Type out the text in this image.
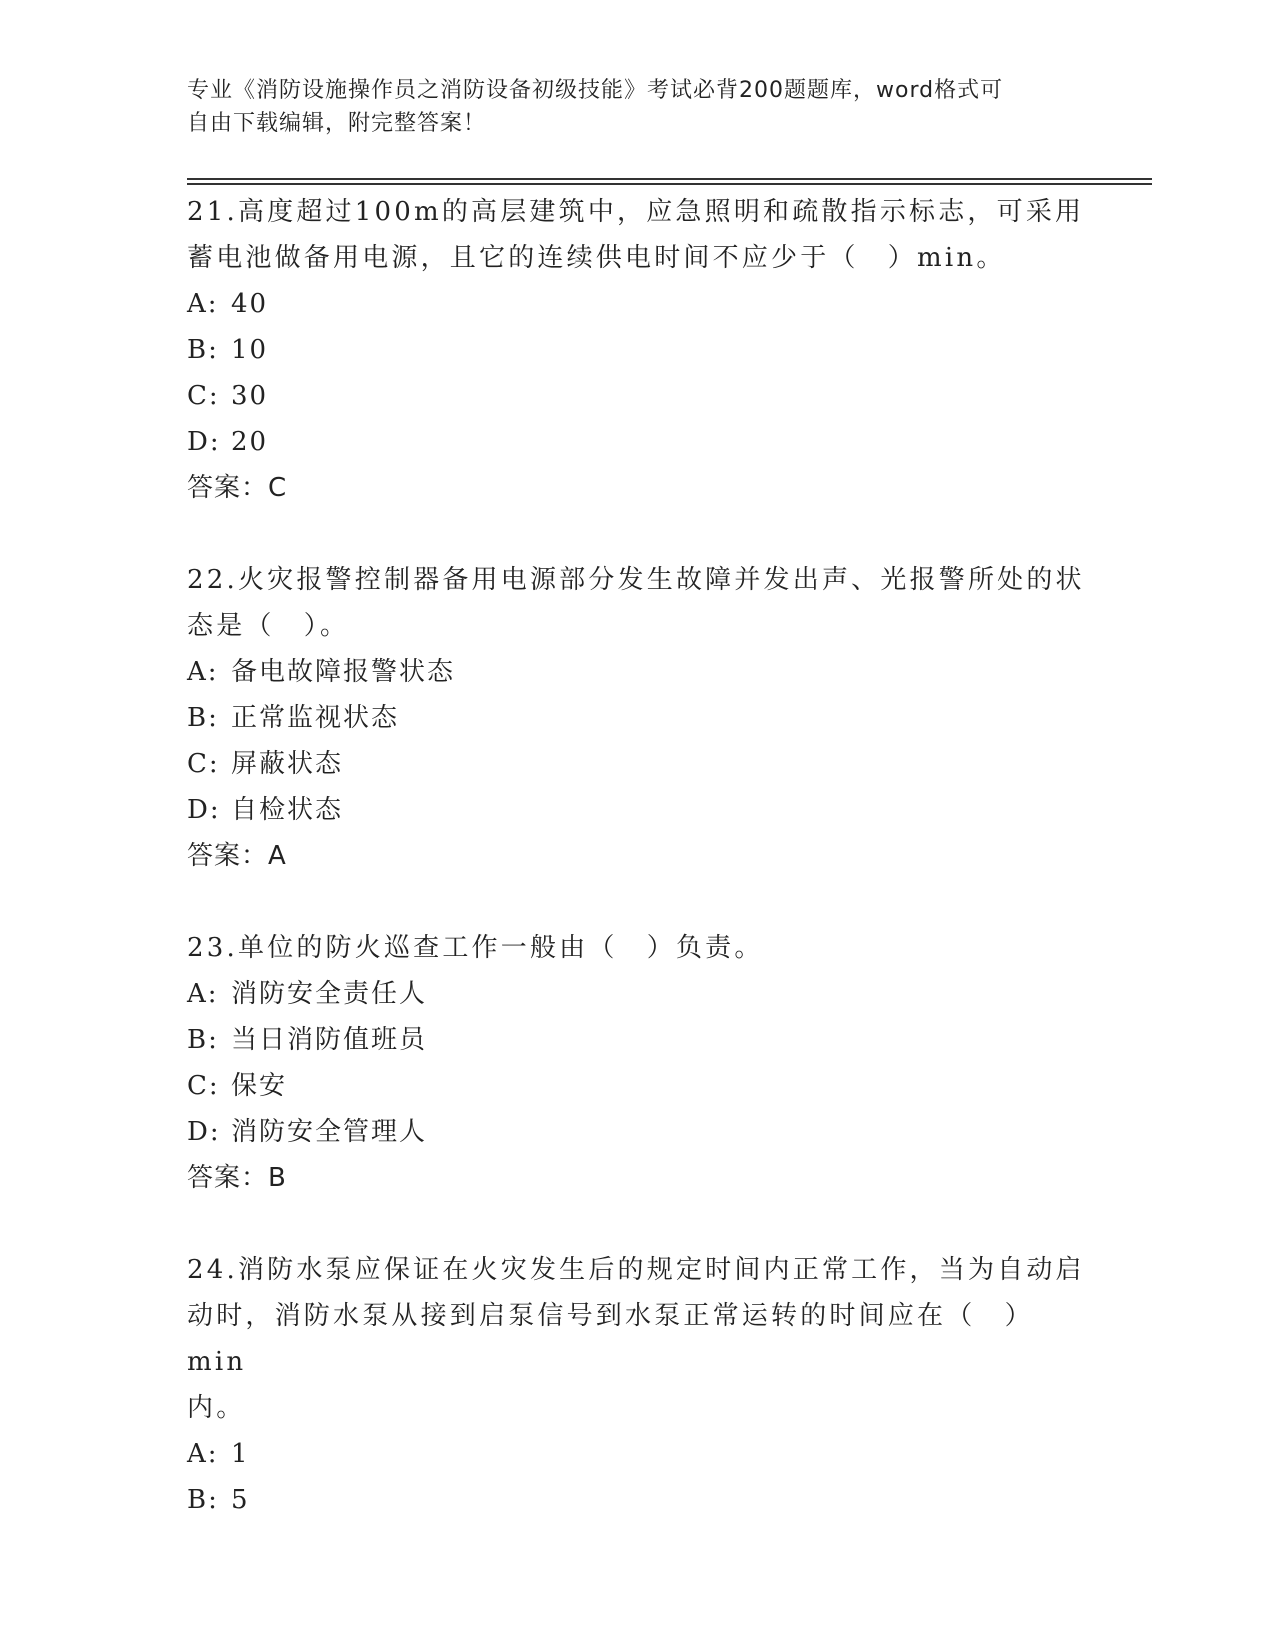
专业《消防设施操作员之消防设备初级技能》考试必背200题题库，word格式可
自由下载编辑，附完整答案！
21.高度超过100m的高层建筑中，应急照明和疏散指示标志，可采用
蓄电池做备用电源，且它的连续供电时间不应少于（　）min。
A: 40
B: 10
C: 30
D: 20
答案：C
22.火灾报警控制器备用电源部分发生故障并发出声、光报警所处的状
态是（　）。
A: 备电故障报警状态
B: 正常监视状态
C: 屏蔽状态
D: 自检状态
答案：A
23.单位的防火巡查工作一般由（　）负责。
A: 消防安全责任人
B: 当日消防值班员
C: 保安
D: 消防安全管理人
答案：B
24.消防水泵应保证在火灾发生后的规定时间内正常工作，当为自动启
动时，消防水泵从接到启泵信号到水泵正常运转的时间应在（　）min
内。
A: 1
B: 5
